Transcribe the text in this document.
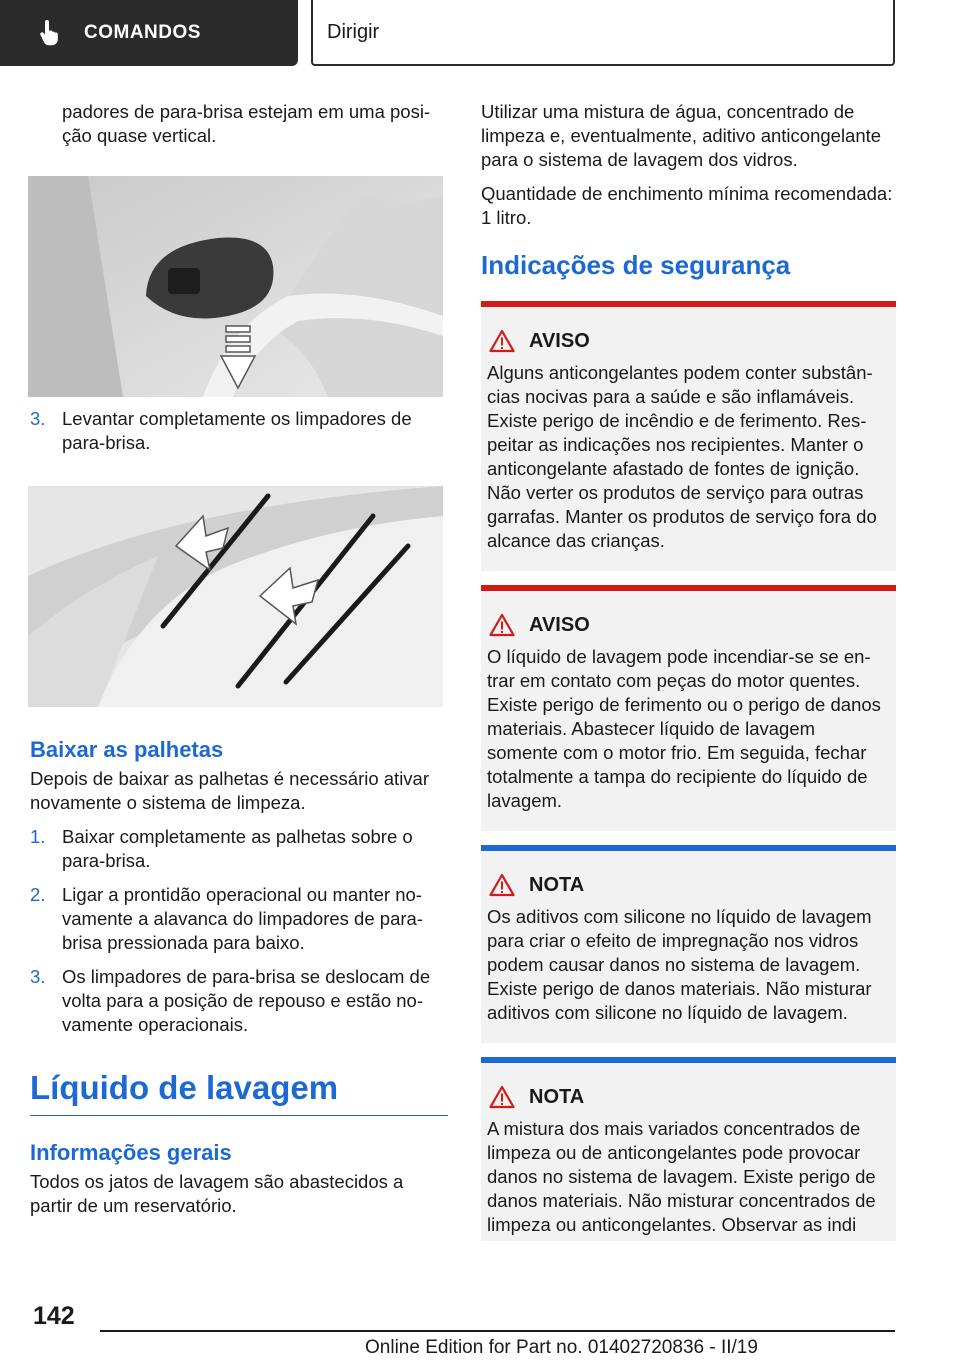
COMANDOS	Dirigir

padores de para-brisa estejam em uma posição quase vertical.

3. Levantar completamente os limpadores de para-brisa.
Baixar as palhetas

Depois de baixar as palhetas é necessário ativar novamente o sistema de limpeza.

1. Baixar completamente as palhetas sobre o para-brisa.
2. Ligar a prontidão operacional ou manter novamente a alavanca do limpadores de para-brisa pressionada para baixo.
3. Os limpadores de para-brisa se deslocam de volta para a posição de repouso e estão novamente operacionais.
Líquido de lavagem
Informações gerais

Todos os jatos de lavagem são abastecidos a partir de um reservatório.

Utilizar uma mistura de água, concentrado de limpeza e, eventualmente, aditivo anticongelante para o sistema de lavagem dos vidros.

Quantidade de enchimento mínima recomendada: 1 litro.

Indicações de segurança
AVISO

Alguns anticongelantes podem conter substâncias nocivas para a saúde e são inflamáveis. Existe perigo de incêndio e de ferimento. Respeitar as indicações nos recipientes. Manter o anticongelante afastado de fontes de ignição. Não verter os produtos de serviço para outras garrafas. Manter os produtos de serviço fora do alcance das crianças.

AVISO

O líquido de lavagem pode incendiar-se se entrar em contato com peças do motor quentes. Existe perigo de ferimento ou o perigo de danos materiais. Abastecer líquido de lavagem somente com o motor frio. Em seguida, fechar totalmente a tampa do recipiente do líquido de lavagem.

NOTA

Os aditivos com silicone no líquido de lavagem para criar o efeito de impregnação nos vidros podem causar danos no sistema de lavagem. Existe perigo de danos materiais. Não misturar aditivos com silicone no líquido de lavagem.

NOTA

A mistura dos mais variados concentrados de limpeza ou de anticongelantes pode provocar danos no sistema de lavagem. Existe perigo de danos materiais. Não misturar concentrados de limpeza ou anticongelantes. Observar as indi

142
Online Edition for Part no. 01402720836 - II/19
